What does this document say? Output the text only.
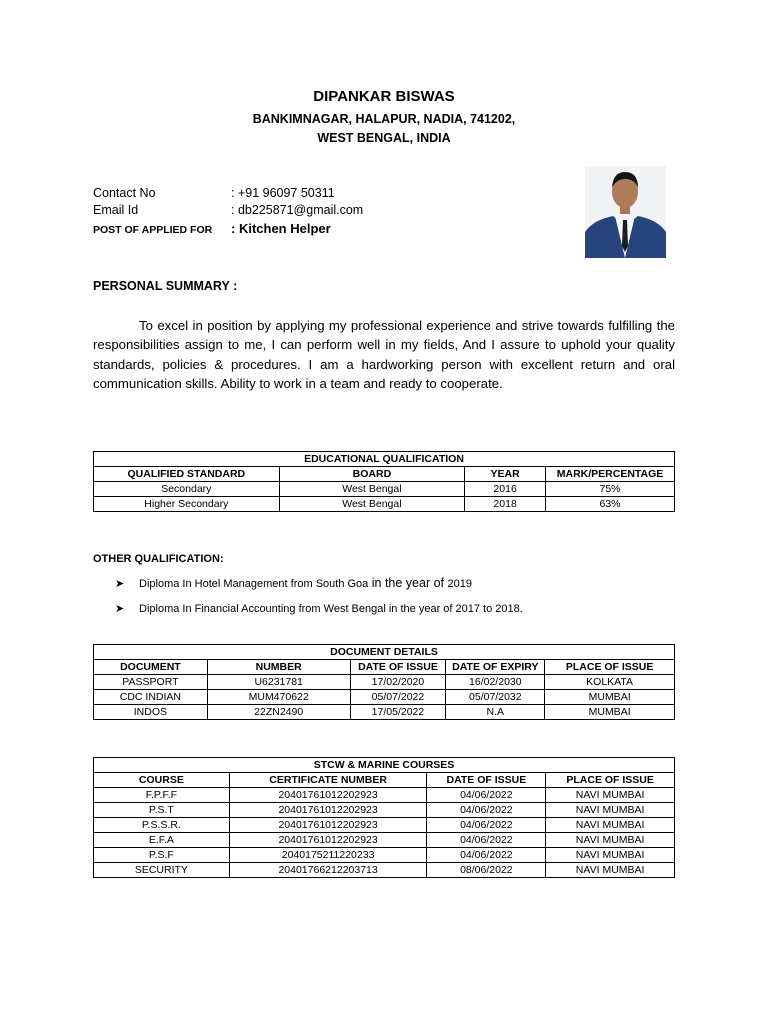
DIPANKAR BISWAS
BANKIMNAGAR, HALAPUR, NADIA, 741202,
WEST BENGAL, INDIA
Contact No	: +91 96097 50311
Email Id	: db225871@gmail.com
POST OF APPLIED FOR : Kitchen Helper
PERSONAL SUMMARY :
To excel in position by applying my professional experience and strive towards fulfilling the responsibilities assign to me, I can perform well in my fields, And I assure to uphold your quality standards, policies & procedures. I am a hardworking person with excellent return and oral communication skills. Ability to work in a team and ready to cooperate.
EDUCATIONAL QUALIFICATION			
QUALIFIED STANDARD	BOARD	YEAR	MARK/PERCENTAGE
Secondary	West Bengal	2016	75%
Higher Secondary	West Bengal	2018	63%
OTHER QUALIFICATION:
➤ Diploma In Hotel Management from South Goa in the year of 2019
➤ Diploma In Financial Accounting from West Bengal in the year of 2017 to 2018.
DOCUMENT DETAILS				
DOCUMENT	NUMBER	DATE OF ISSUE	DATE OF EXPIRY	PLACE OF ISSUE
PASSPORT	U6231781	17/02/2020	16/02/2030	KOLKATA
CDC INDIAN	MUM470622	05/07/2022	05/07/2032	MUMBAI
INDOS	22ZN2490	17/05/2022	N.A	MUMBAI
STCW & MARINE COURSES			
COURSE	CERTIFICATE NUMBER	DATE OF ISSUE	PLACE OF ISSUE
F.P.F.F	20401761012202923	04/06/2022	NAVI MUMBAI
P.S.T	20401761012202923	04/06/2022	NAVI MUMBAI
P.S.S.R.	20401761012202923	04/06/2022	NAVI MUMBAI
E.F.A	20401761012202923	04/06/2022	NAVI MUMBAI
P.S.F	2040175211220233	04/06/2022	NAVI MUMBAI
SECURITY	20401766212203713	08/06/2022	NAVI MUMBAI
